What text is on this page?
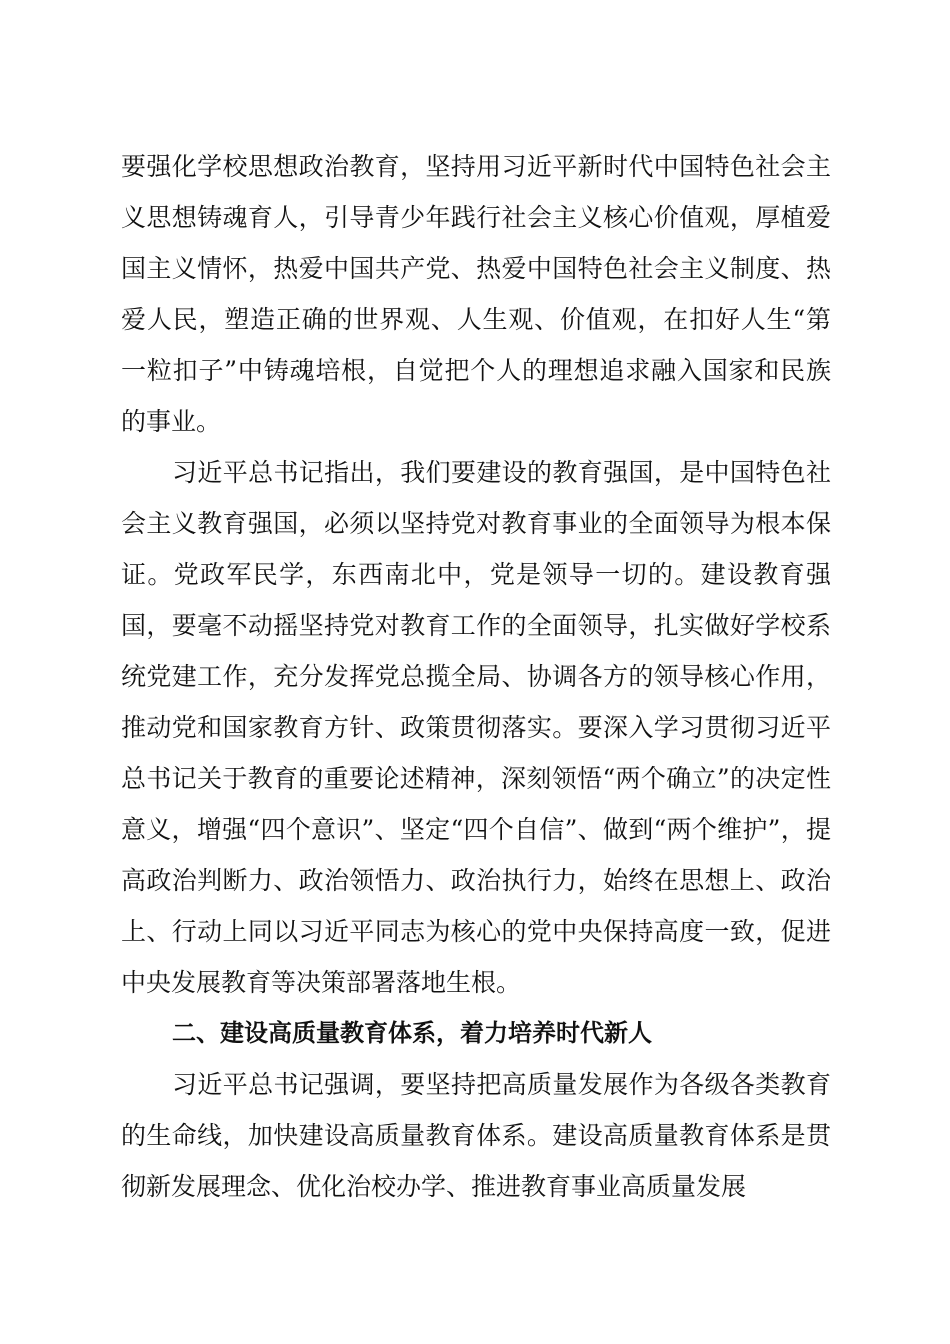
要强化学校思想政治教育，坚持用习近平新时代中国特色社会主义思想铸魂育人，引导青少年践行社会主义核心价值观，厚植爱国主义情怀，热爱中国共产党、热爱中国特色社会主义制度、热爱人民，塑造正确的世界观、人生观、价值观，在扣好人生“第一粒扣子”中铸魂培根，自觉把个人的理想追求融入国家和民族的事业。

习近平总书记指出，我们要建设的教育强国，是中国特色社会主义教育强国，必须以坚持党对教育事业的全面领导为根本保证。党政军民学，东西南北中，党是领导一切的。建设教育强国，要毫不动摇坚持党对教育工作的全面领导，扎实做好学校系统党建工作，充分发挥党总揽全局、协调各方的领导核心作用，推动党和国家教育方针、政策贯彻落实。要深入学习贯彻习近平总书记关于教育的重要论述精神，深刻领悟“两个确立”的决定性意义，增强“四个意识”、坚定“四个自信”、做到“两个维护”，提高政治判断力、政治领悟力、政治执行力，始终在思想上、政治上、行动上同以习近平同志为核心的党中央保持高度一致，促进中央发展教育等决策部署落地生根。

二、建设高质量教育体系，着力培养时代新人

习近平总书记强调，要坚持把高质量发展作为各级各类教育的生命线，加快建设高质量教育体系。建设高质量教育体系是贯彻新发展理念、优化治校办学、推进教育事业高质量发展
